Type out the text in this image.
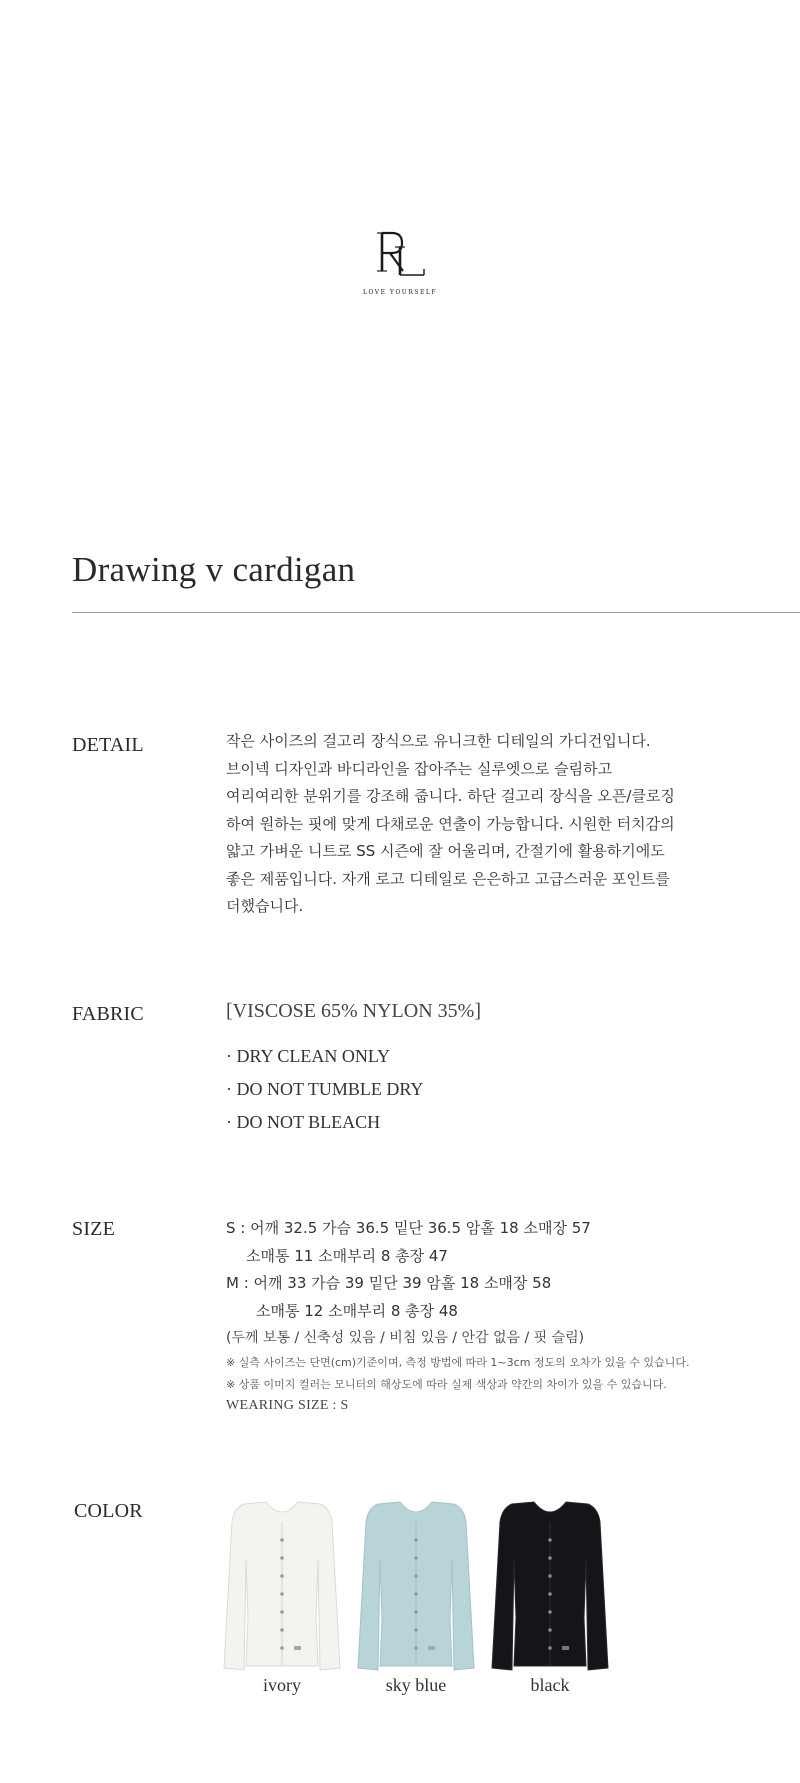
LOVE YOURSELF
Drawing v cardigan
DETAIL	작은 사이즈의 걸고리 장식으로 유니크한 디테일의 가디건입니다.
브이넥 디자인과 바디라인을 잡아주는 실루엣으로 슬림하고
여리여리한 분위기를 강조해 줍니다. 하단 걸고리 장식을 오픈/클로징
하여 원하는 핏에 맞게 다채로운 연출이 가능합니다. 시원한 터치감의
얇고 가벼운 니트로 SS 시즌에 잘 어울리며, 간절기에 활용하기에도
좋은 제품입니다. 자개 로고 디테일로 은은하고 고급스러운 포인트를
더했습니다.
FABRIC	[VISCOSE 65% NYLON 35%]
· DRY CLEAN ONLY
· DO NOT TUMBLE DRY
· DO NOT BLEACH
SIZE	S : 어깨 32.5 가슴 36.5 밑단 36.5 암홀 18 소매장 57
소매통 11 소매부리 8 총장 47
M : 어깨 33 가슴 39 밑단 39 암홀 18 소매장 58
소매통 12 소매부리 8 총장 48
(두께 보통 / 신축성 있음 / 비침 있음 / 안감 없음 / 핏 슬림)
※ 실측 사이즈는 단면(cm)기준이며, 측정 방법에 따라 1~3cm 정도의 오차가 있을 수 있습니다.
※ 상품 이미지 컬러는 모니터의 해상도에 따라 실제 색상과 약간의 차이가 있을 수 있습니다.
WEARING SIZE : S
COLOR
ivory	sky blue	black
